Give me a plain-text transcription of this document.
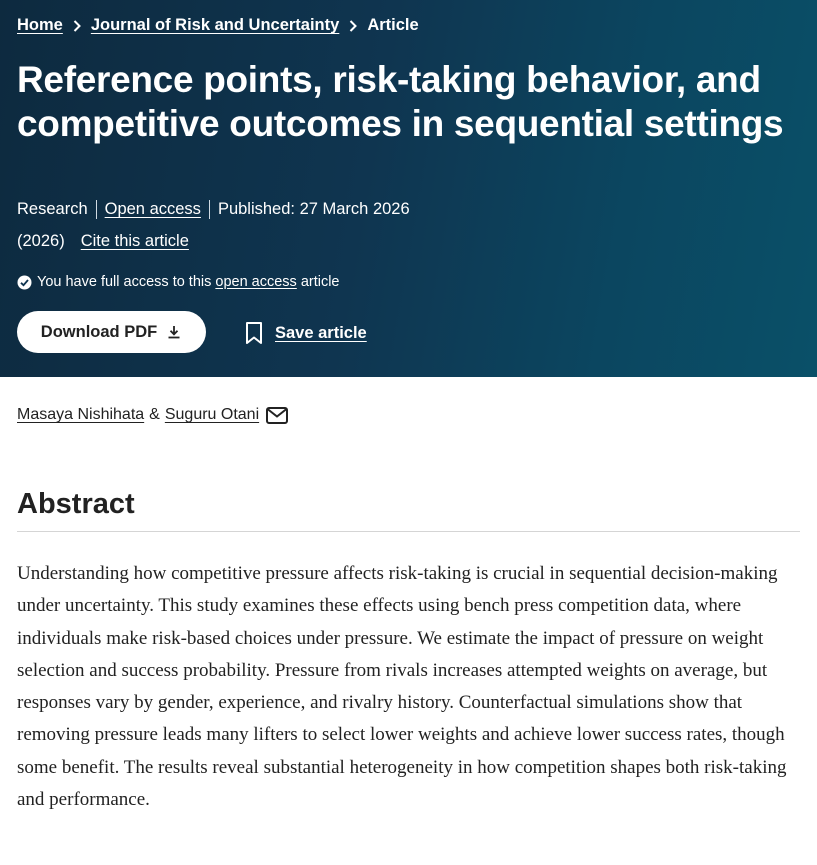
Home Journal of Risk and Uncertainty Article
Reference points, risk-taking behavior, and competitive outcomes in sequential settings
Research Open access Published: 27 March 2026
(2026) Cite this article
You have full access to this open access article
Download PDF	Save article
Masaya Nishihata & Suguru Otani
Abstract

Understanding how competitive pressure affects risk-taking is crucial in sequential decision-making under uncertainty. This study examines these effects using bench press competition data, where individuals make risk-based choices under pressure. We estimate the impact of pressure on weight selection and success probability. Pressure from rivals increases attempted weights on average, but responses vary by gender, experience, and rivalry history. Counterfactual simulations show that removing pressure leads many lifters to select lower weights and achieve lower success rates, though some benefit. The results reveal substantial heterogeneity in how competition shapes both risk-taking and performance.
